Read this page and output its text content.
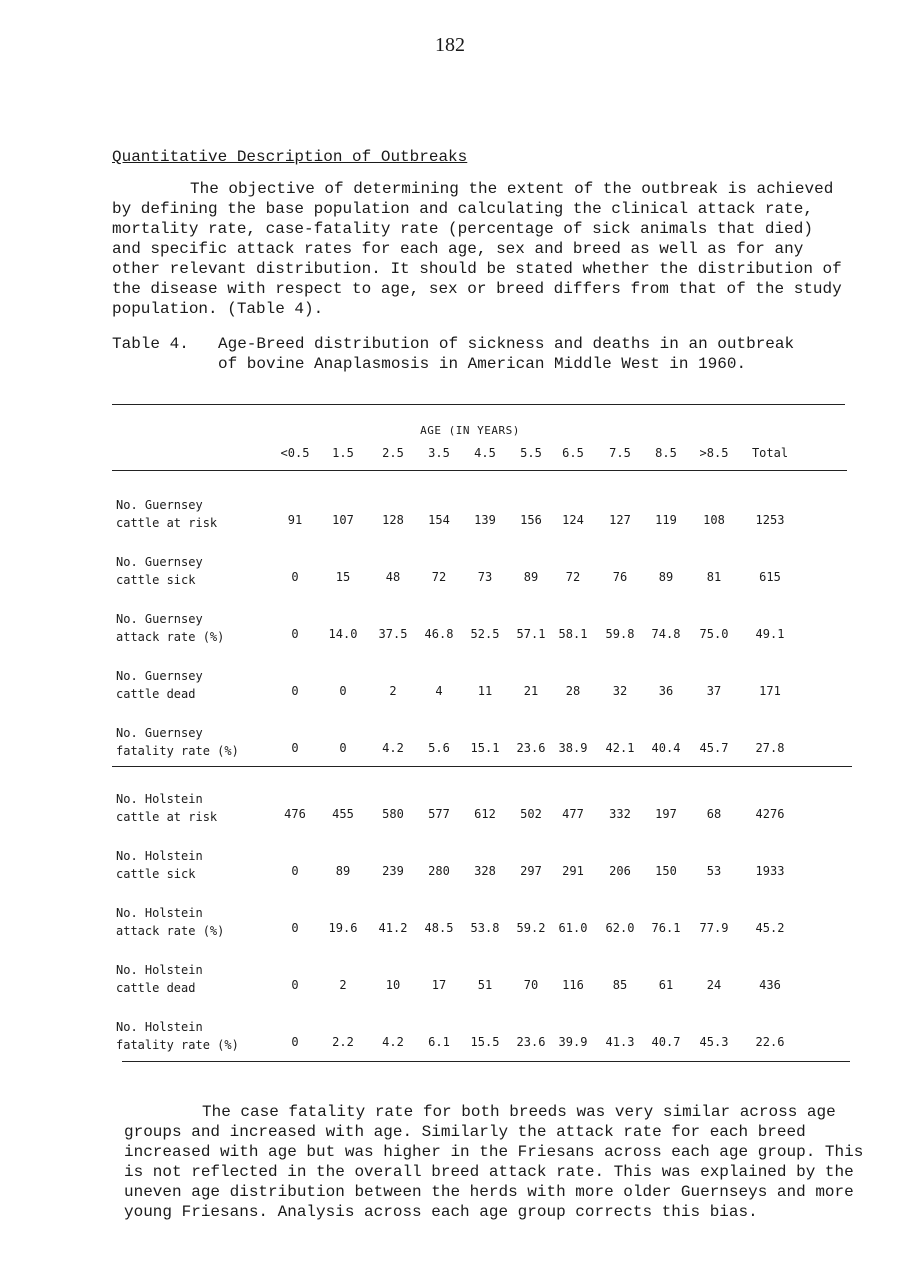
182
Quantitative Description of Outbreaks

The objective of determining the extent of the outbreak is achieved by defining the base population and calculating the clinical attack rate, mortality rate, case-fatality rate (percentage of sick animals that died) and specific attack rates for each age, sex and breed as well as for any other relevant distribution. It should be stated whether the distribution of the disease with respect to age, sex or breed differs from that of the study population. (Table 4).

Table 4. Age-Breed distribution of sickness and deaths in an outbreak of bovine Anaplasmosis in American Middle West in 1960.
AGE (IN YEARS)
<0.5	1.5	2.5	3.5	4.5	5.5	6.5	7.5	8.5	>8.5	Total
No. Guernsey
cattle at risk	91	107	128	154	139	156	124	127	119	108	1253
No. Guernsey
cattle sick	0	15	48	72	73	89	72	76	89	81	615
No. Guernsey
attack rate (%)	0	14.0	37.5	46.8	52.5	57.1	58.1	59.8	74.8	75.0	49.1
No. Guernsey
cattle dead	0	0	2	4	11	21	28	32	36	37	171
No. Guernsey
fatality rate (%)	0	0	4.2	5.6	15.1	23.6	38.9	42.1	40.4	45.7	27.8
No. Holstein
cattle at risk	476	455	580	577	612	502	477	332	197	68	4276
No. Holstein
cattle sick	0	89	239	280	328	297	291	206	150	53	1933
No. Holstein
attack rate (%)	0	19.6	41.2	48.5	53.8	59.2	61.0	62.0	76.1	77.9	45.2
No. Holstein
cattle dead	0	2	10	17	51	70	116	85	61	24	436
No. Holstein
fatality rate (%)	0	2.2	4.2	6.1	15.5	23.6	39.9	41.3	40.7	45.3	22.6

The case fatality rate for both breeds was very similar across age groups and increased with age. Similarly the attack rate for each breed increased with age but was higher in the Friesans across each age group. This is not reflected in the overall breed attack rate. This was explained by the uneven age distribution between the herds with more older Guernseys and more young Friesans. Analysis across each age group corrects this bias.
